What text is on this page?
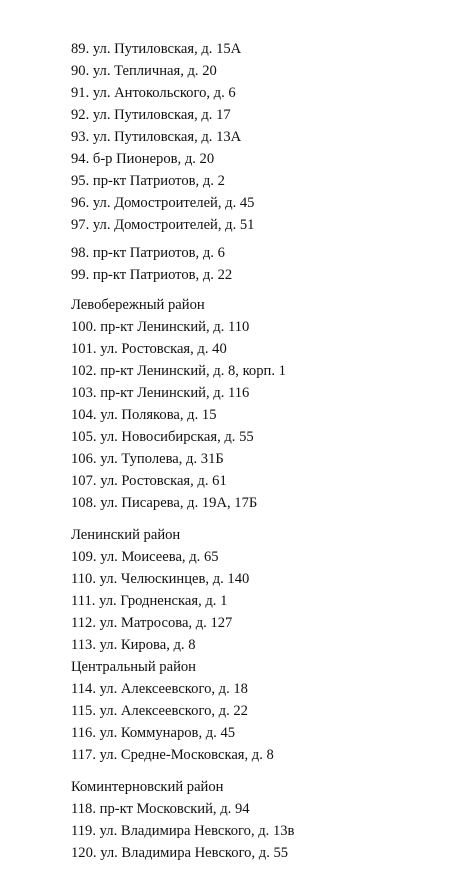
89. ул. Путиловская, д. 15А
90. ул. Тепличная, д. 20
91. ул. Антокольского, д. 6
92. ул. Путиловская, д. 17
93. ул. Путиловская, д. 13А
94. б-р Пионеров, д. 20
95. пр-кт Патриотов, д. 2
96. ул. Домостроителей, д. 45
97. ул. Домостроителей, д. 51
98. пр-кт Патриотов, д. 6
99. пр-кт Патриотов, д. 22
Левобережный район
100. пр-кт Ленинский, д. 110
101. ул. Ростовская, д. 40
102. пр-кт Ленинский, д. 8, корп. 1
103. пр-кт Ленинский, д. 116
104. ул. Полякова, д. 15
105. ул. Новосибирская, д. 55
106. ул. Туполева, д. 31Б
107. ул. Ростовская, д. 61
108. ул. Писарева, д. 19А, 17Б
Ленинский район
109. ул. Моисеева, д. 65
110. ул. Челюскинцев, д. 140
111. ул. Гродненская, д. 1
112. ул. Матросова, д. 127
113. ул. Кирова, д. 8
Центральный район
114. ул. Алексеевского, д. 18
115. ул. Алексеевского, д. 22
116. ул. Коммунаров, д. 45
117. ул. Средне-Московская, д. 8
Коминтерновский район
118. пр-кт Московский, д. 94
119. ул. Владимира Невского, д. 13в
120. ул. Владимира Невского, д. 55
